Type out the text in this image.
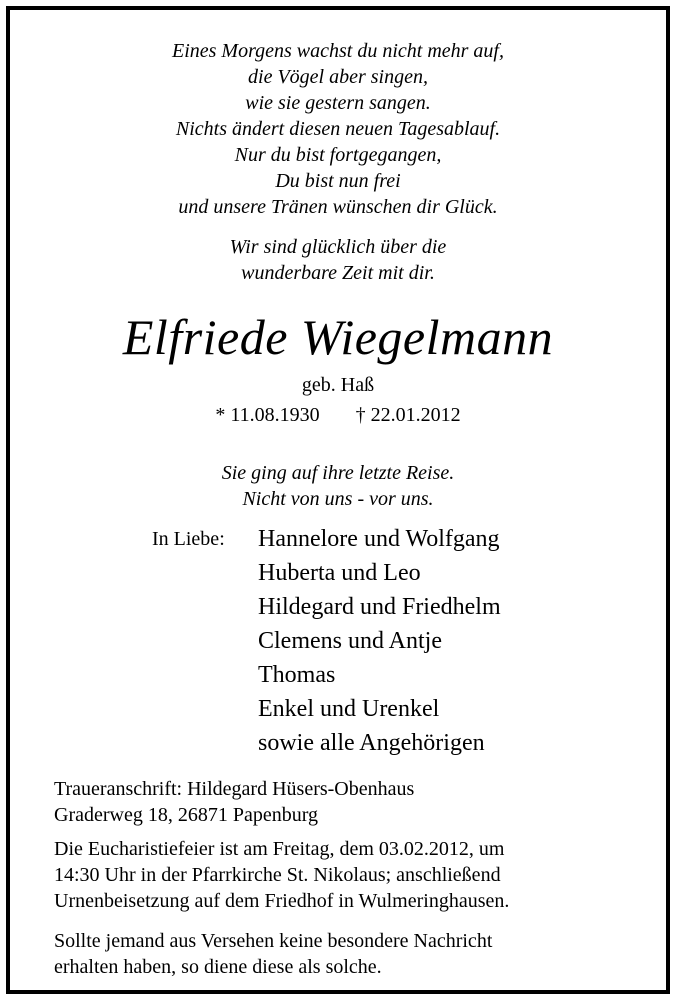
Eines Morgens wachst du nicht mehr auf,
die Vögel aber singen,
wie sie gestern sangen.
Nichts ändert diesen neuen Tagesablauf.
Nur du bist fortgegangen,
Du bist nun frei
und unsere Tränen wünschen dir Glück.
Wir sind glücklich über die
wunderbare Zeit mit dir.
Elfriede Wiegelmann
geb. Haß
* 11.08.1930 † 22.01.2012
Sie ging auf ihre letzte Reise.
Nicht von uns - vor uns.
In Liebe: Hannelore und Wolfgang
Huberta und Leo
Hildegard und Friedhelm
Clemens und Antje
Thomas
Enkel und Urenkel
sowie alle Angehörigen
Traueranschrift: Hildegard Hüsers-Obenhaus
Graderweg 18, 26871 Papenburg
Die Eucharistiefeier ist am Freitag, dem 03.02.2012, um
14:30 Uhr in der Pfarrkirche St. Nikolaus; anschließend
Urnenbeisetzung auf dem Friedhof in Wulmeringhausen.
Sollte jemand aus Versehen keine besondere Nachricht
erhalten haben, so diene diese als solche.
